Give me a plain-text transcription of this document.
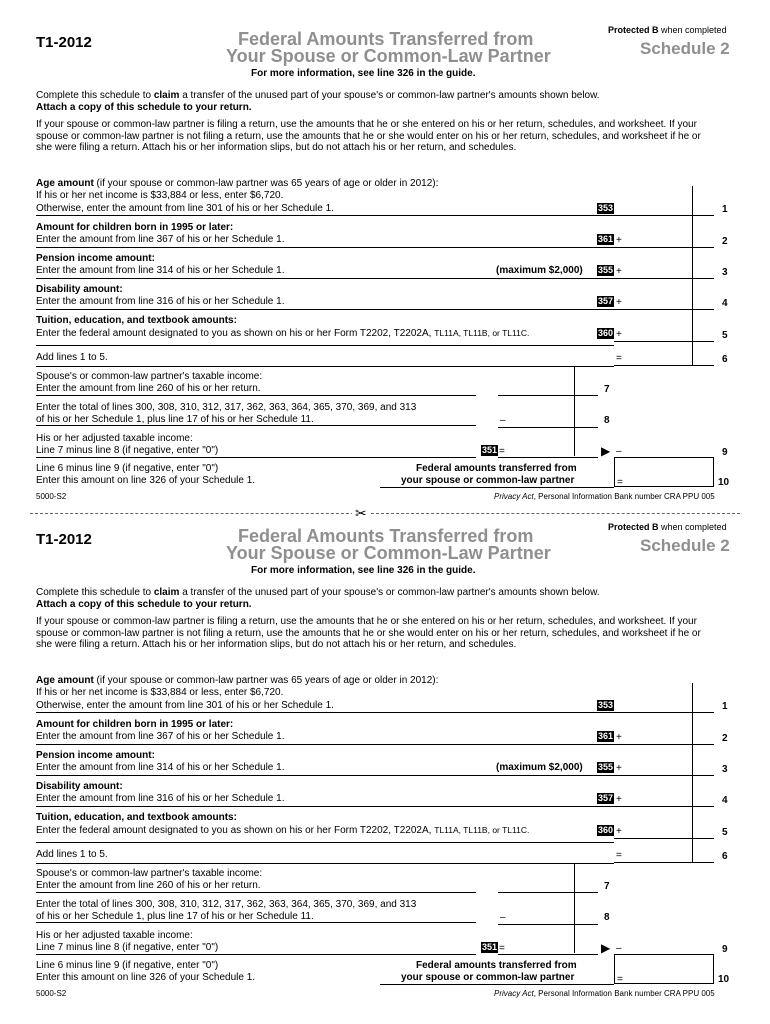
✂
T1-2012	Federal Amounts Transferred from
Your Spouse or Common-Law Partner
For more information, see line 326 in the guide.
Protected B when completed
Schedule 2
Complete this schedule to claim a transfer of the unused part of your spouse's or common-law partner's amounts shown below.
Attach a copy of this schedule to your return.
If your spouse or common-law partner is filing a return, use the amounts that he or she entered on his or her return, schedules, and worksheet. If your spouse or common-law partner is not filing a return, use the amounts that he or she would enter on his or her return, schedules, and worksheet if he or she were filing a return. Attach his or her information slips, but do not attach his or her return, and schedules.
Age amount (if your spouse or common-law partner was 65 years of age or older in 2012):
If his or her net income is $33,884 or less, enter $6,720.
Otherwise, enter the amount from line 301 of his or her Schedule 1.	353	1
Amount for children born in 1995 or later:
Enter the amount from line 367 of his or her Schedule 1.	361 +	2
Pension income amount:
Enter the amount from line 314 of his or her Schedule 1.	(maximum $2,000) 355 +	3
Disability amount:
Enter the amount from line 316 of his or her Schedule 1.	357 +	4
Tuition, education, and textbook amounts:
Enter the federal amount designated to you as shown on his or her Form T2202, T2202A, TL11A, TL11B, or TL11C.	360 +	5
Add lines 1 to 5.	=	6
Spouse's or common-law partner's taxable income:
Enter the amount from line 260 of his or her return.	7
Enter the total of lines 300, 308, 310, 312, 317, 362, 363, 364, 365, 370, 369, and 313
of his or her Schedule 1, plus line 17 of his or her Schedule 11.	–	8
His or her adjusted taxable income:
Line 7 minus line 8 (if negative, enter "0")	351 =	▶ –	9
Line 6 minus line 9 (if negative, enter "0")
Enter this amount on line 326 of your Schedule 1.
Federal amounts transferred from
your spouse or common-law partner	=	10
5000-S2	Privacy Act, Personal Information Bank number CRA PPU 005
T1-2012	Federal Amounts Transferred from
Your Spouse or Common-Law Partner
For more information, see line 326 in the guide.
Protected B when completed
Schedule 2
Complete this schedule to claim a transfer of the unused part of your spouse's or common-law partner's amounts shown below.
Attach a copy of this schedule to your return.
If your spouse or common-law partner is filing a return, use the amounts that he or she entered on his or her return, schedules, and worksheet. If your spouse or common-law partner is not filing a return, use the amounts that he or she would enter on his or her return, schedules, and worksheet if he or she were filing a return. Attach his or her information slips, but do not attach his or her return, and schedules.
Age amount (if your spouse or common-law partner was 65 years of age or older in 2012):
If his or her net income is $33,884 or less, enter $6,720.
Otherwise, enter the amount from line 301 of his or her Schedule 1.	353	1
Amount for children born in 1995 or later:
Enter the amount from line 367 of his or her Schedule 1.	361 +	2
Pension income amount:
Enter the amount from line 314 of his or her Schedule 1.	(maximum $2,000) 355 +	3
Disability amount:
Enter the amount from line 316 of his or her Schedule 1.	357 +	4
Tuition, education, and textbook amounts:
Enter the federal amount designated to you as shown on his or her Form T2202, T2202A, TL11A, TL11B, or TL11C.	360 +	5
Add lines 1 to 5.	=	6
Spouse's or common-law partner's taxable income:
Enter the amount from line 260 of his or her return.	7
Enter the total of lines 300, 308, 310, 312, 317, 362, 363, 364, 365, 370, 369, and 313
of his or her Schedule 1, plus line 17 of his or her Schedule 11.	–	8
His or her adjusted taxable income:
Line 7 minus line 8 (if negative, enter "0")	351 =	▶ –	9
Line 6 minus line 9 (if negative, enter "0")
Enter this amount on line 326 of your Schedule 1.
Federal amounts transferred from
your spouse or common-law partner	=	10
5000-S2	Privacy Act, Personal Information Bank number CRA PPU 005
